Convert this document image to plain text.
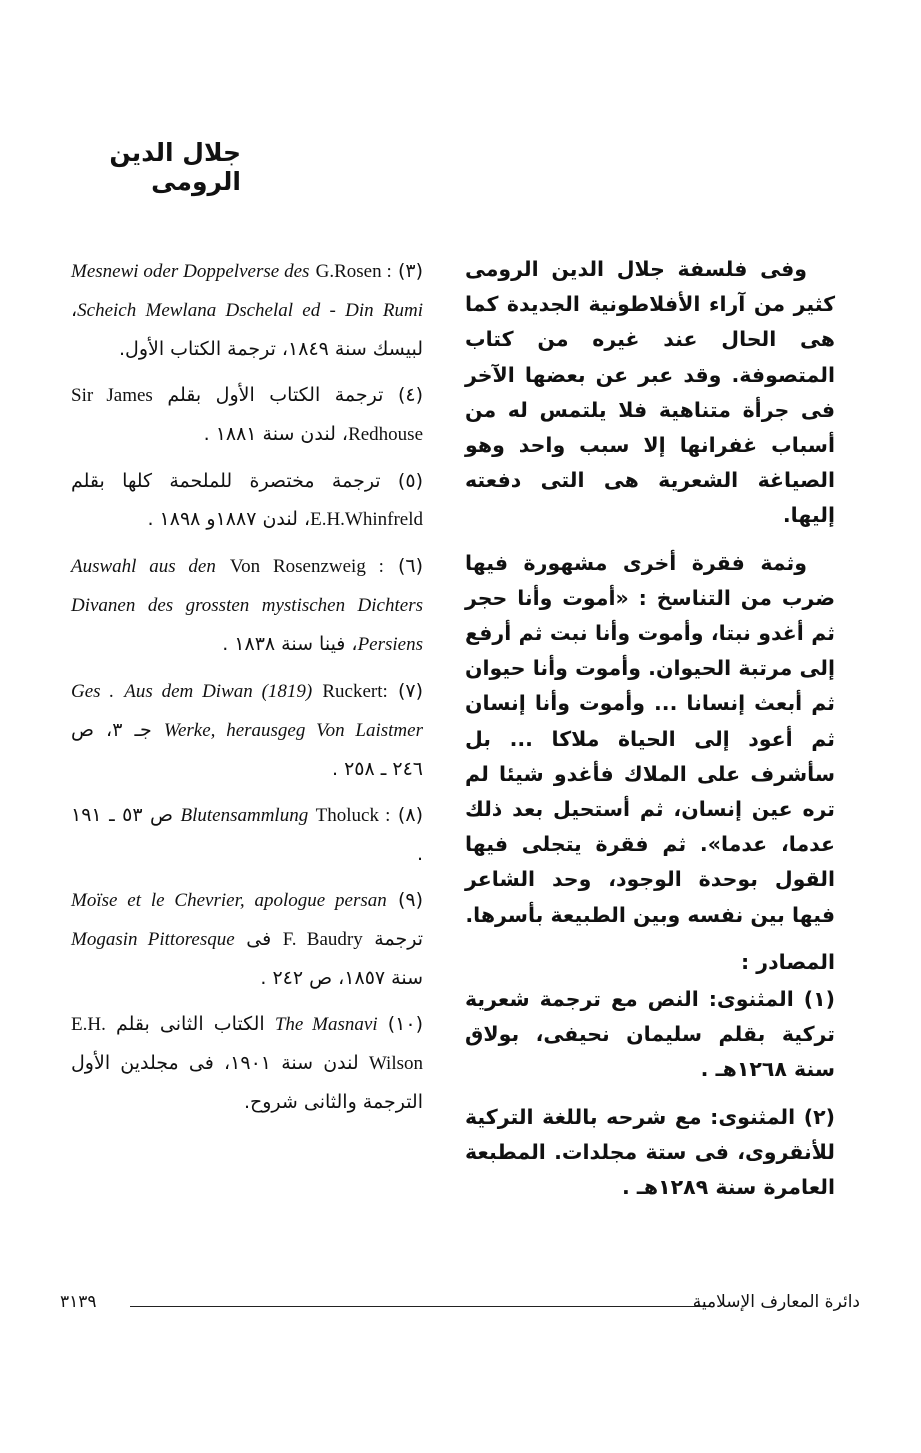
جلال الدين الرومى

وفى فلسفة جلال الدين الرومى كثير من آراء الأفلاطونية الجديدة كما هى الحال عند غيره من كتاب المتصوفة. وقد عبر عن بعضها الآخر فى جرأة متناهية فلا يلتمس له من أسباب غفرانها إلا سبب واحد وهو الصياغة الشعرية هى التى دفعته إليها.

وثمة فقرة أخرى مشهورة فيها ضرب من التناسخ : «أموت وأنا حجر ثم أغدو نبتا، وأموت وأنا نبت ثم أرفع إلى مرتبة الحيوان. وأموت وأنا حيوان ثم أبعث إنسانا ... وأموت وأنا إنسان ثم أعود إلى الحياة ملاكا ... بل سأشرف على الملاك فأغدو شيئا لم تره عين إنسان، ثم أستحيل بعد ذلك عدما، عدما». ثم فقرة يتجلى فيها القول بوحدة الوجود، وحد الشاعر فيها بين نفسه وبين الطبيعة بأسرها.

المصادر :

(١) المثنوى: النص مع ترجمة شعرية تركية بقلم سليمان نحيفى، بولاق سنة ١٢٦٨هـ .

(٢) المثنوى: مع شرحه باللغة التركية للأنقروى، فى ستة مجلدات. المطبعة العامرة سنة ١٢٨٩هـ .

(٣) G.Rosen : Mesnewi oder Doppelverse des Scheich Mewlana Dschelal ed - Din Rumi، لبيسك سنة ١٨٤٩، ترجمة الكتاب الأول.
(٤) ترجمة الكتاب الأول بقلم Sir James Redhouse، لندن سنة ١٨٨١ .
(٥) ترجمة مختصرة للملحمة كلها بقلم E.H.Whinfreld، لندن ١٨٨٧و ١٨٩٨ .
(٦) Von Rosenzweig : Auswahl aus den Divanen des grossten mystischen Dichters Persiens، فينا سنة ١٨٣٨ .
(٧) Ruckert: Aus dem Diwan (1819) Ges . Werke, herausgeg Von Laistmer جـ ٣، ص ٢٤٦ ـ ٢٥٨ .
(٨) Tholuck : Blutensammlung ص ٥٣ ـ ١٩١ .
(٩) Moïse et le Chevrier, apologue persan ترجمة F. Baudry فى Mogasin Pittoresque سنة ١٨٥٧، ص ٢٤٢ .
(١٠) The Masnavi الكتاب الثانى بقلم E.H. Wilson لندن سنة ١٩٠١، فى مجلدين الأول الترجمة والثانى شروح.
٣١٣٩	دائرة المعارف الإسلامية
